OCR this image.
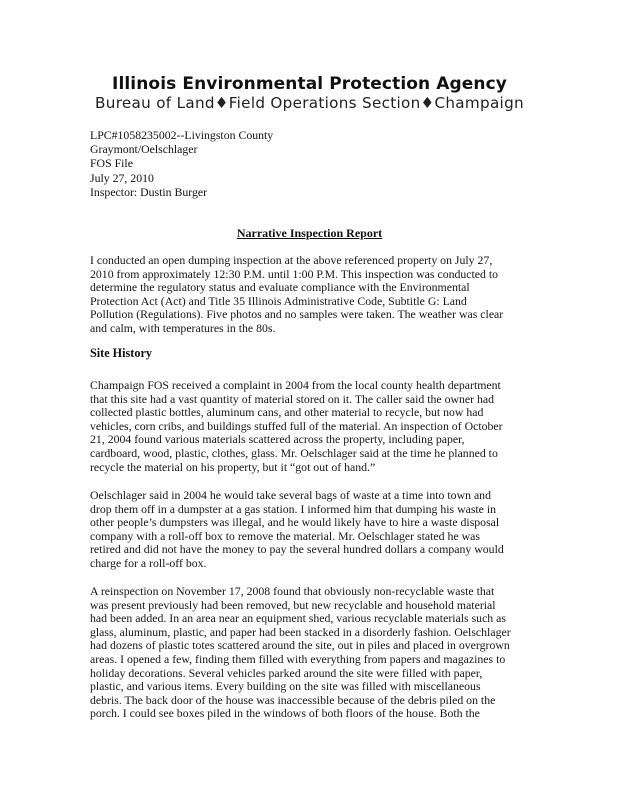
Illinois Environmental Protection Agency
Bureau of Land♦Field Operations Section♦Champaign
LPC#1058235002--Livingston County
Graymont/Oelschlager
FOS File
July 27, 2010
Inspector: Dustin Burger
Narrative Inspection Report
I conducted an open dumping inspection at the above referenced property on July 27,
2010 from approximately 12:30 P.M. until 1:00 P.M. This inspection was conducted to
determine the regulatory status and evaluate compliance with the Environmental
Protection Act (Act) and Title 35 Illinois Administrative Code, Subtitle G: Land
Pollution (Regulations). Five photos and no samples were taken. The weather was clear
and calm, with temperatures in the 80s.
Site History
Champaign FOS received a complaint in 2004 from the local county health department
that this site had a vast quantity of material stored on it. The caller said the owner had
collected plastic bottles, aluminum cans, and other material to recycle, but now had
vehicles, corn cribs, and buildings stuffed full of the material. An inspection of October
21, 2004 found various materials scattered across the property, including paper,
cardboard, wood, plastic, clothes, glass. Mr. Oelschlager said at the time he planned to
recycle the material on his property, but it “got out of hand.”
Oelschlager said in 2004 he would take several bags of waste at a time into town and
drop them off in a dumpster at a gas station. I informed him that dumping his waste in
other people’s dumpsters was illegal, and he would likely have to hire a waste disposal
company with a roll-off box to remove the material. Mr. Oelschlager stated he was
retired and did not have the money to pay the several hundred dollars a company would
charge for a roll-off box.
A reinspection on November 17, 2008 found that obviously non-recyclable waste that
was present previously had been removed, but new recyclable and household material
had been added. In an area near an equipment shed, various recyclable materials such as
glass, aluminum, plastic, and paper had been stacked in a disorderly fashion. Oelschlager
had dozens of plastic totes scattered around the site, out in piles and placed in overgrown
areas. I opened a few, finding them filled with everything from papers and magazines to
holiday decorations. Several vehicles parked around the site were filled with paper,
plastic, and various items. Every building on the site was filled with miscellaneous
debris. The back door of the house was inaccessible because of the debris piled on the
porch. I could see boxes piled in the windows of both floors of the house. Both the
